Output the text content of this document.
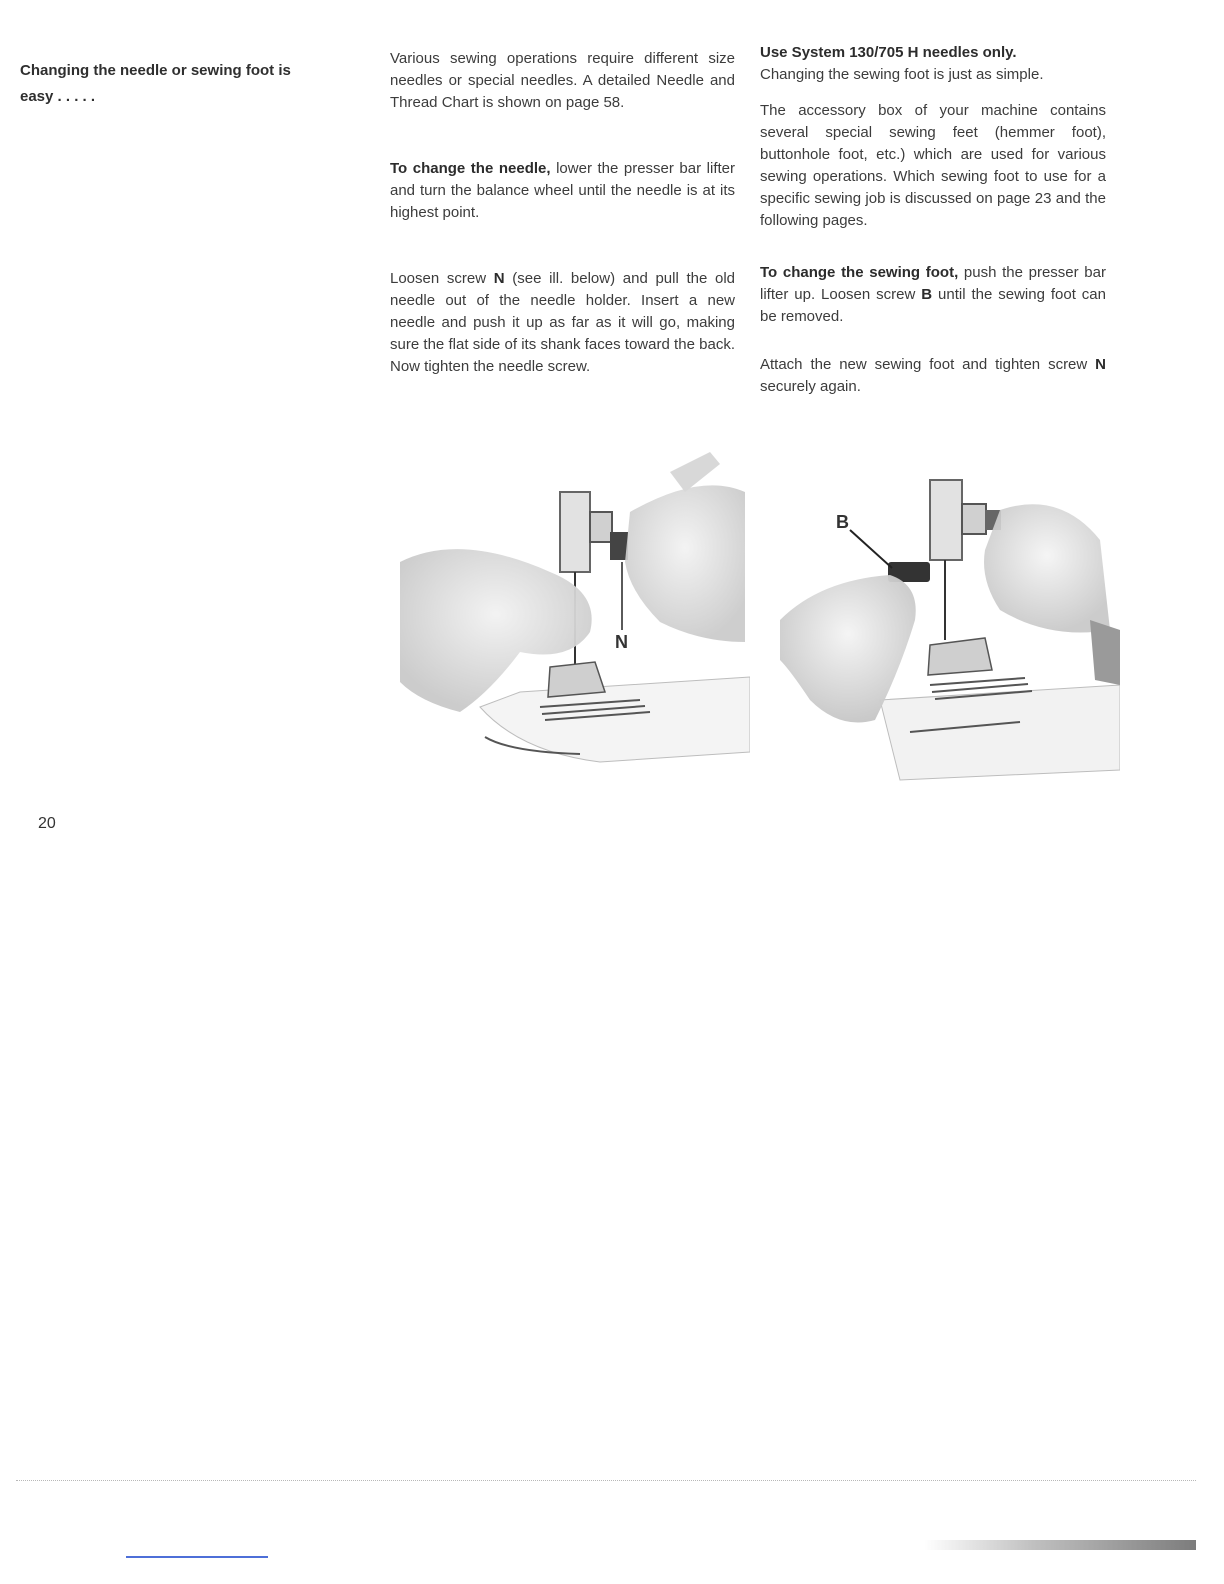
Changing the needle or sewing foot is
easy . . . . .

Various sewing operations require different size needles or special needles. A detailed Needle and Thread Chart is shown on page 58.

To change the needle, lower the presser bar lifter and turn the balance wheel until the needle is at its highest point.

Loosen screw N (see ill. below) and pull the old needle out of the needle holder. Insert a new needle and push it up as far as it will go, making sure the flat side of its shank faces toward the back. Now tighten the needle screw.

Use System 130/705 H needles only.
Changing the sewing foot is just as simple.

The accessory box of your machine contains several special sewing feet (hemmer foot), buttonhole foot, etc.) which are used for various sewing operations. Which sewing foot to use for a specific sewing job is discussed on page 23 and the following pages.

To change the sewing foot, push the presser bar lifter up. Loosen screw B until the sewing foot can be removed.

Attach the new sewing foot and tighten screw N securely again.

N
B
20
